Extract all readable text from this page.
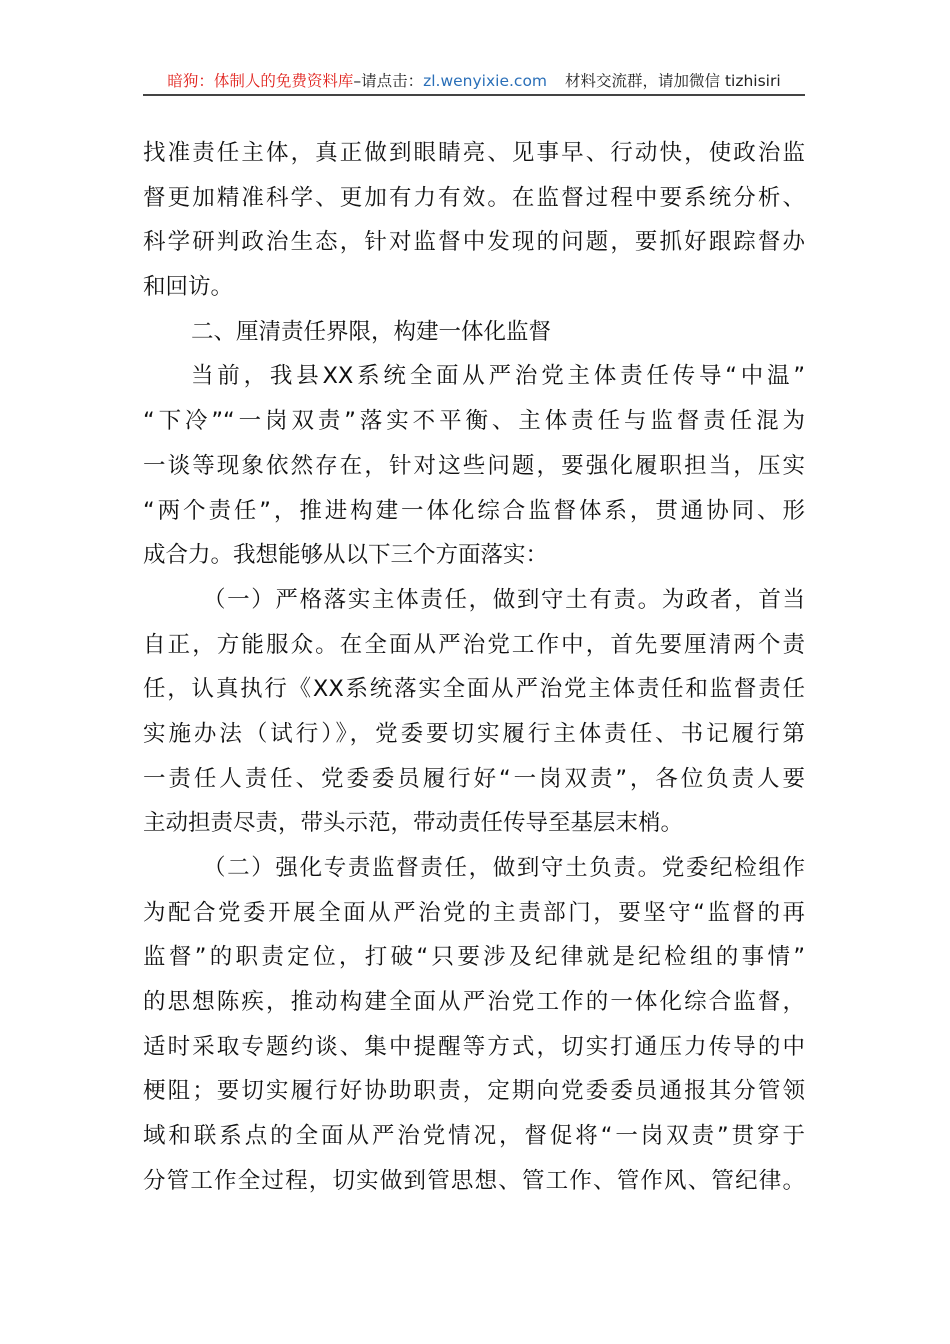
暗狗：体制人的免费资料库 –请点击： zl.wenyixie.com 材料交流群，请加微信 tizhisiri
找准责任主体，真正做到眼睛亮、见事早、行动快，使政治监
督更加精准科学、更加有力有效。在监督过程中要系统分析、
科学研判政治生态，针对监督中发现的问题，要抓好跟踪督办
和回访。
二、厘清责任界限，构建一体化监督
当前，我县XX系统全面从严治党主体责任传导“中温”
“下冷”“一岗双责”落实不平衡、主体责任与监督责任混为
一谈等现象依然存在，针对这些问题，要强化履职担当，压实
“两个责任”，推进构建一体化综合监督体系，贯通协同、形
成合力。我想能够从以下三个方面落实：
（一）严格落实主体责任，做到守土有责。为政者，首当
自正，方能服众。在全面从严治党工作中，首先要厘清两个责
任，认真执行《XX系统落实全面从严治党主体责任和监督责任
实施办法（试行）》，党委要切实履行主体责任、书记履行第
一责任人责任、党委委员履行好“一岗双责”，各位负责人要
主动担责尽责，带头示范，带动责任传导至基层末梢。
（二）强化专责监督责任，做到守土负责。党委纪检组作
为配合党委开展全面从严治党的主责部门，要坚守“监督的再
监督”的职责定位，打破“只要涉及纪律就是纪检组的事情”
的思想陈疾，推动构建全面从严治党工作的一体化综合监督，
适时采取专题约谈、集中提醒等方式，切实打通压力传导的中
梗阻；要切实履行好协助职责，定期向党委委员通报其分管领
域和联系点的全面从严治党情况，督促将“一岗双责”贯穿于
分管工作全过程，切实做到管思想、管工作、管作风、管纪律。
